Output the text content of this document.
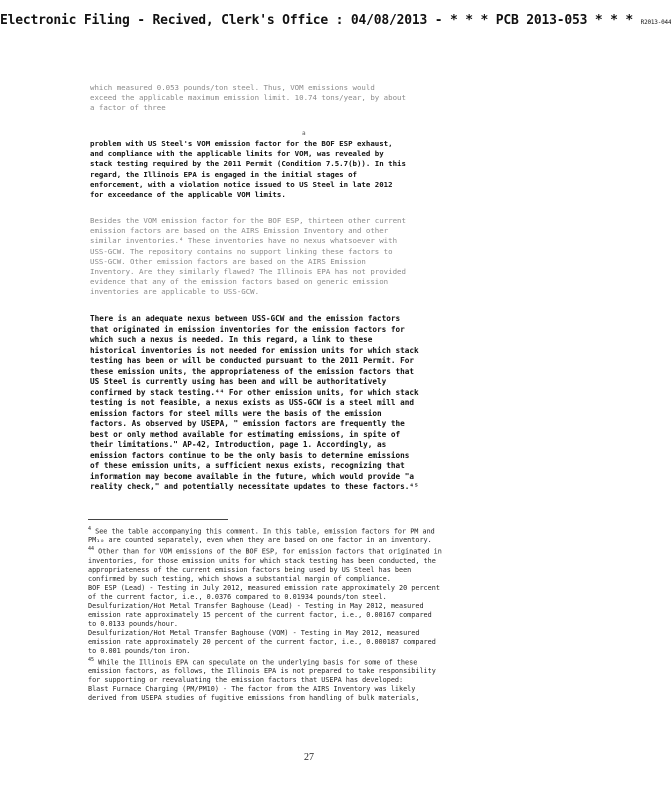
Electronic Filing - Recived, Clerk's Office : 04/08/2013 - * * * PCB 2013-053 * * * R2013-044

which measured 0.053 pounds/ton steel. Thus, VOM emissions would
exceed the applicable maximum emission limit. 10.74 tons/year, by about
a factor of three

a

problem with US Steel's VOM emission factor for the BOF ESP exhaust,
and compliance with the applicable limits for VOM, was revealed by
stack testing required by the 2011 Permit (Condition 7.5.7(b)). In this
regard, the Illinois EPA is engaged in the initial stages of
enforcement, with a violation notice issued to US Steel in late 2012
for exceedance of the applicable VOM limits.

Besides the VOM emission factor for the BOF ESP, thirteen other current
emission factors are based on the AIRS Emission Inventory and other
similar inventories.⁴ These inventories have no nexus whatsoever with
USS-GCW. The repository contains no support linking these factors to
USS-GCW. Other emission factors are based on the AIRS Emission
Inventory. Are they similarly flawed? The Illinois EPA has not provided
evidence that any of the emission factors based on generic emission
inventories are applicable to USS-GCW.

There is an adequate nexus between USS-GCW and the emission factors
that originated in emission inventories for the emission factors for
which such a nexus is needed. In this regard, a link to these
historical inventories is not needed for emission units for which stack
testing has been or will be conducted pursuant to the 2011 Permit. For
these emission units, the appropriateness of the emission factors that
US Steel is currently using has been and will be authoritatively
confirmed by stack testing.⁴⁴ For other emission units, for which stack
testing is not feasible, a nexus exists as USS-GCW is a steel mill and
emission factors for steel mills were the basis of the emission
factors. As observed by USEPA, " emission factors are frequently the
best or only method available for estimating emissions, in spite of
their limitations." AP-42, Introduction, page 1. Accordingly, as
emission factors continue to be the only basis to determine emissions
of these emission units, a sufficient nexus exists, recognizing that
information may become available in the future, which would provide "a
reality check," and potentially necessitate updates to these factors.⁴⁵

$^4$ See the table accompanying this comment. In this table, emission factors for PM and
PM₁₀ are counted separately, even when they are based on one factor in an inventory.

$^{44}$ Other than for VOM emissions of the BOF ESP, for emission factors that originated in
inventories, for those emission units for which stack testing has been conducted, the
appropriateness of the current emission factors being used by US Steel has been
confirmed by such testing, which shows a substantial margin of compliance.
BOF ESP (Lead) - Testing in July 2012, measured emission rate approximately 20 percent
of the current factor, i.e., 0.0376 compared to 0.01934 pounds/ton steel.
Desulfurization/Hot Metal Transfer Baghouse (Lead) - Testing in May 2012, measured
emission rate approximately 15 percent of the current factor, i.e., 0.00167 compared
to 0.0133 pounds/hour.
Desulfurization/Hot Metal Transfer Baghouse (VOM) - Testing in May 2012, measured
emission rate approximately 20 percent of the current factor, i.e., 0.000187 compared
to 0.001 pounds/ton iron.

$^{45}$ While the Illinois EPA can speculate on the underlying basis for some of these
emission factors, as follows, the Illinois EPA is not prepared to take responsibility
for supporting or reevaluating the emission factors that USEPA has developed:
Blast Furnace Charging (PM/PM10) - The factor from the AIRS Inventory was likely
derived from USEPA studies of fugitive emissions from handling of bulk materials,

27
